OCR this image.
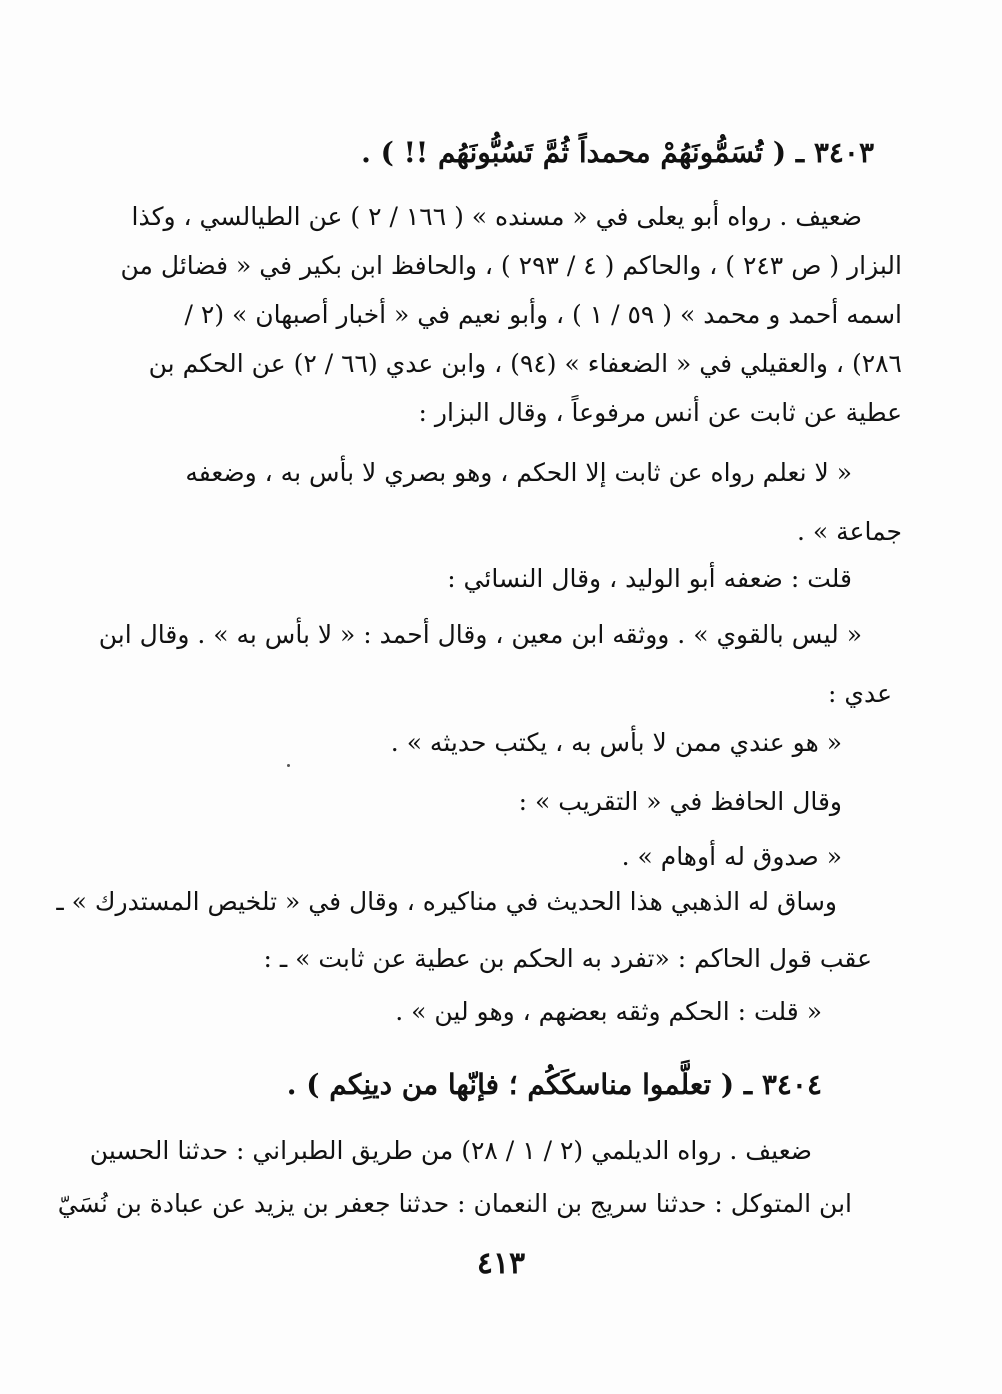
٣٤٠٣ ـ ( تُسَمُّونَهُمْ محمداً ثُمَّ تَسُبُّونَهُم !! ) .
ضعيف . رواه أبو يعلى في « مسنده » ( ١٦٦ / ٢ ) عن الطيالسي ، وكذا
البزار ( ص ٢٤٣ ) ، والحاكم ( ٤ / ٢٩٣ ) ، والحافظ ابن بكير في « فضائل من
اسمه أحمد و محمد » ( ٥٩ / ١ ) ، وأبو نعيم في « أخبار أصبهان » (٢ /
٢٨٦) ، والعقيلي في « الضعفاء » (٩٤) ، وابن عدي (٦٦ / ٢) عن الحكم بن
عطية عن ثابت عن أنس مرفوعاً ، وقال البزار :
« لا نعلم رواه عن ثابت إلا الحكم ، وهو بصري لا بأس به ، وضعفه
جماعة » .
قلت : ضعفه أبو الوليد ، وقال النسائي :
« ليس بالقوي » . ووثقه ابن معين ، وقال أحمد : « لا بأس به » . وقال ابن
عدي :
« هو عندي ممن لا بأس به ، يكتب حديثه » .
وقال الحافظ في « التقريب » :
« صدوق له أوهام » .
وساق له الذهبي هذا الحديث في مناكيره ، وقال في « تلخيص المستدرك » ـ
عقب قول الحاكم : «تفرد به الحكم بن عطية عن ثابت » ـ :
« قلت : الحكم وثقه بعضهم ، وهو لين » .
٣٤٠٤ ـ ( تعلَّموا مناسكَكُم ؛ فإنّها من دينِكم ) .
ضعيف . رواه الديلمي (٢ / ١ / ٢٨) من طريق الطبراني : حدثنا الحسين
ابن المتوكل : حدثنا سريج بن النعمان : حدثنا جعفر بن يزيد عن عبادة بن نُسَيّ
٤١٣
